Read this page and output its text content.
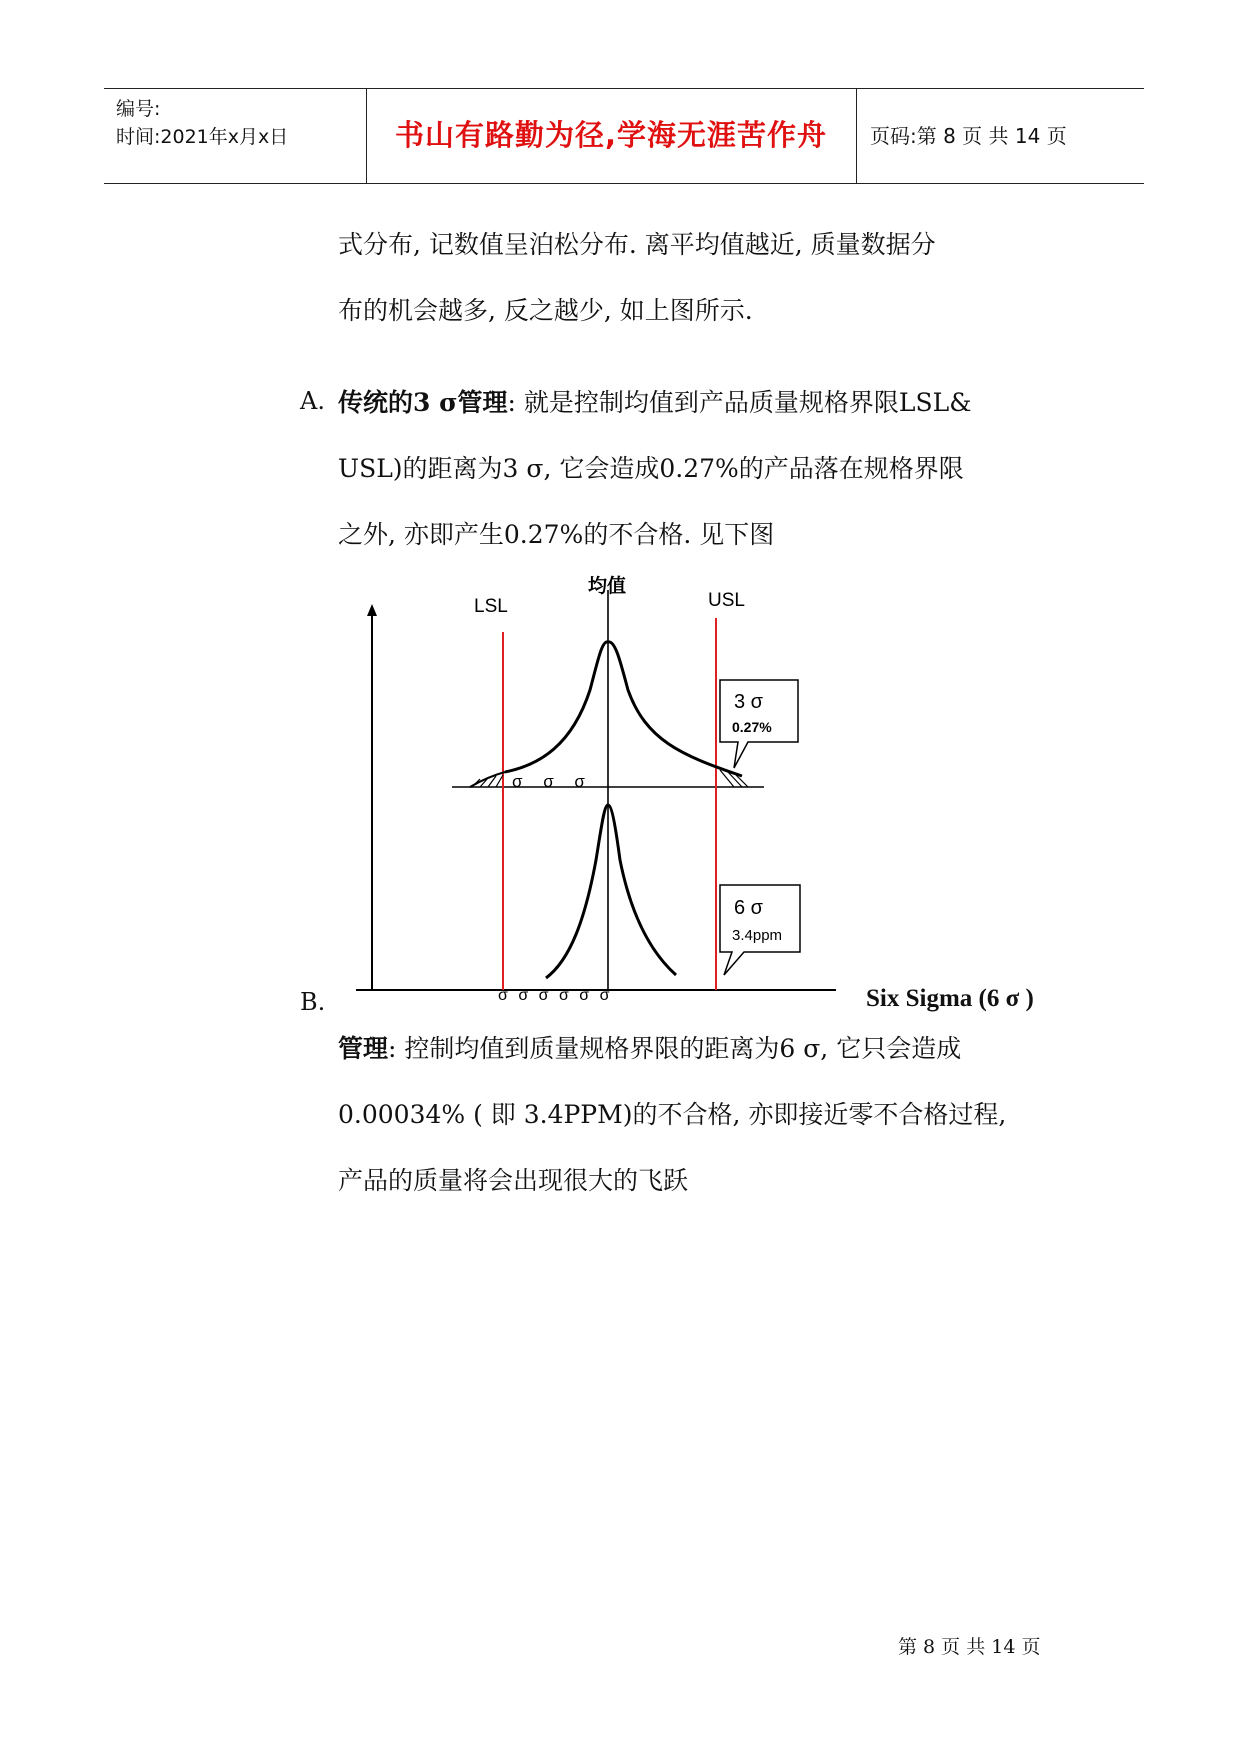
编号:
时间:2021年x月x日	书山有路勤为径,学海无涯苦作舟	页码:第 8 页 共 14 页

式分布, 记数值呈泊松分布. 离平均值越近, 质量数据分

布的机会越多, 反之越少, 如上图所示.

A. 传统的3 σ管理: 就是控制均值到产品质量规格界限LSL&

USL)的距离为3 σ, 它会造成0.27%的产品落在规格界限

之外, 亦即产生0.27%的不合格. 见下图

LSL
均值
USL
σ σ σ
3 σ
0.27%
σ σ σ σ σ σ
6 σ
3.4ppm
B.	Six Sigma (6 σ )

管理: 控制均值到质量规格界限的距离为6 σ, 它只会造成

0.00034% ( 即 3.4PPM)的不合格, 亦即接近零不合格过程,

产品的质量将会出现很大的飞跃

第 8 页 共 14 页
